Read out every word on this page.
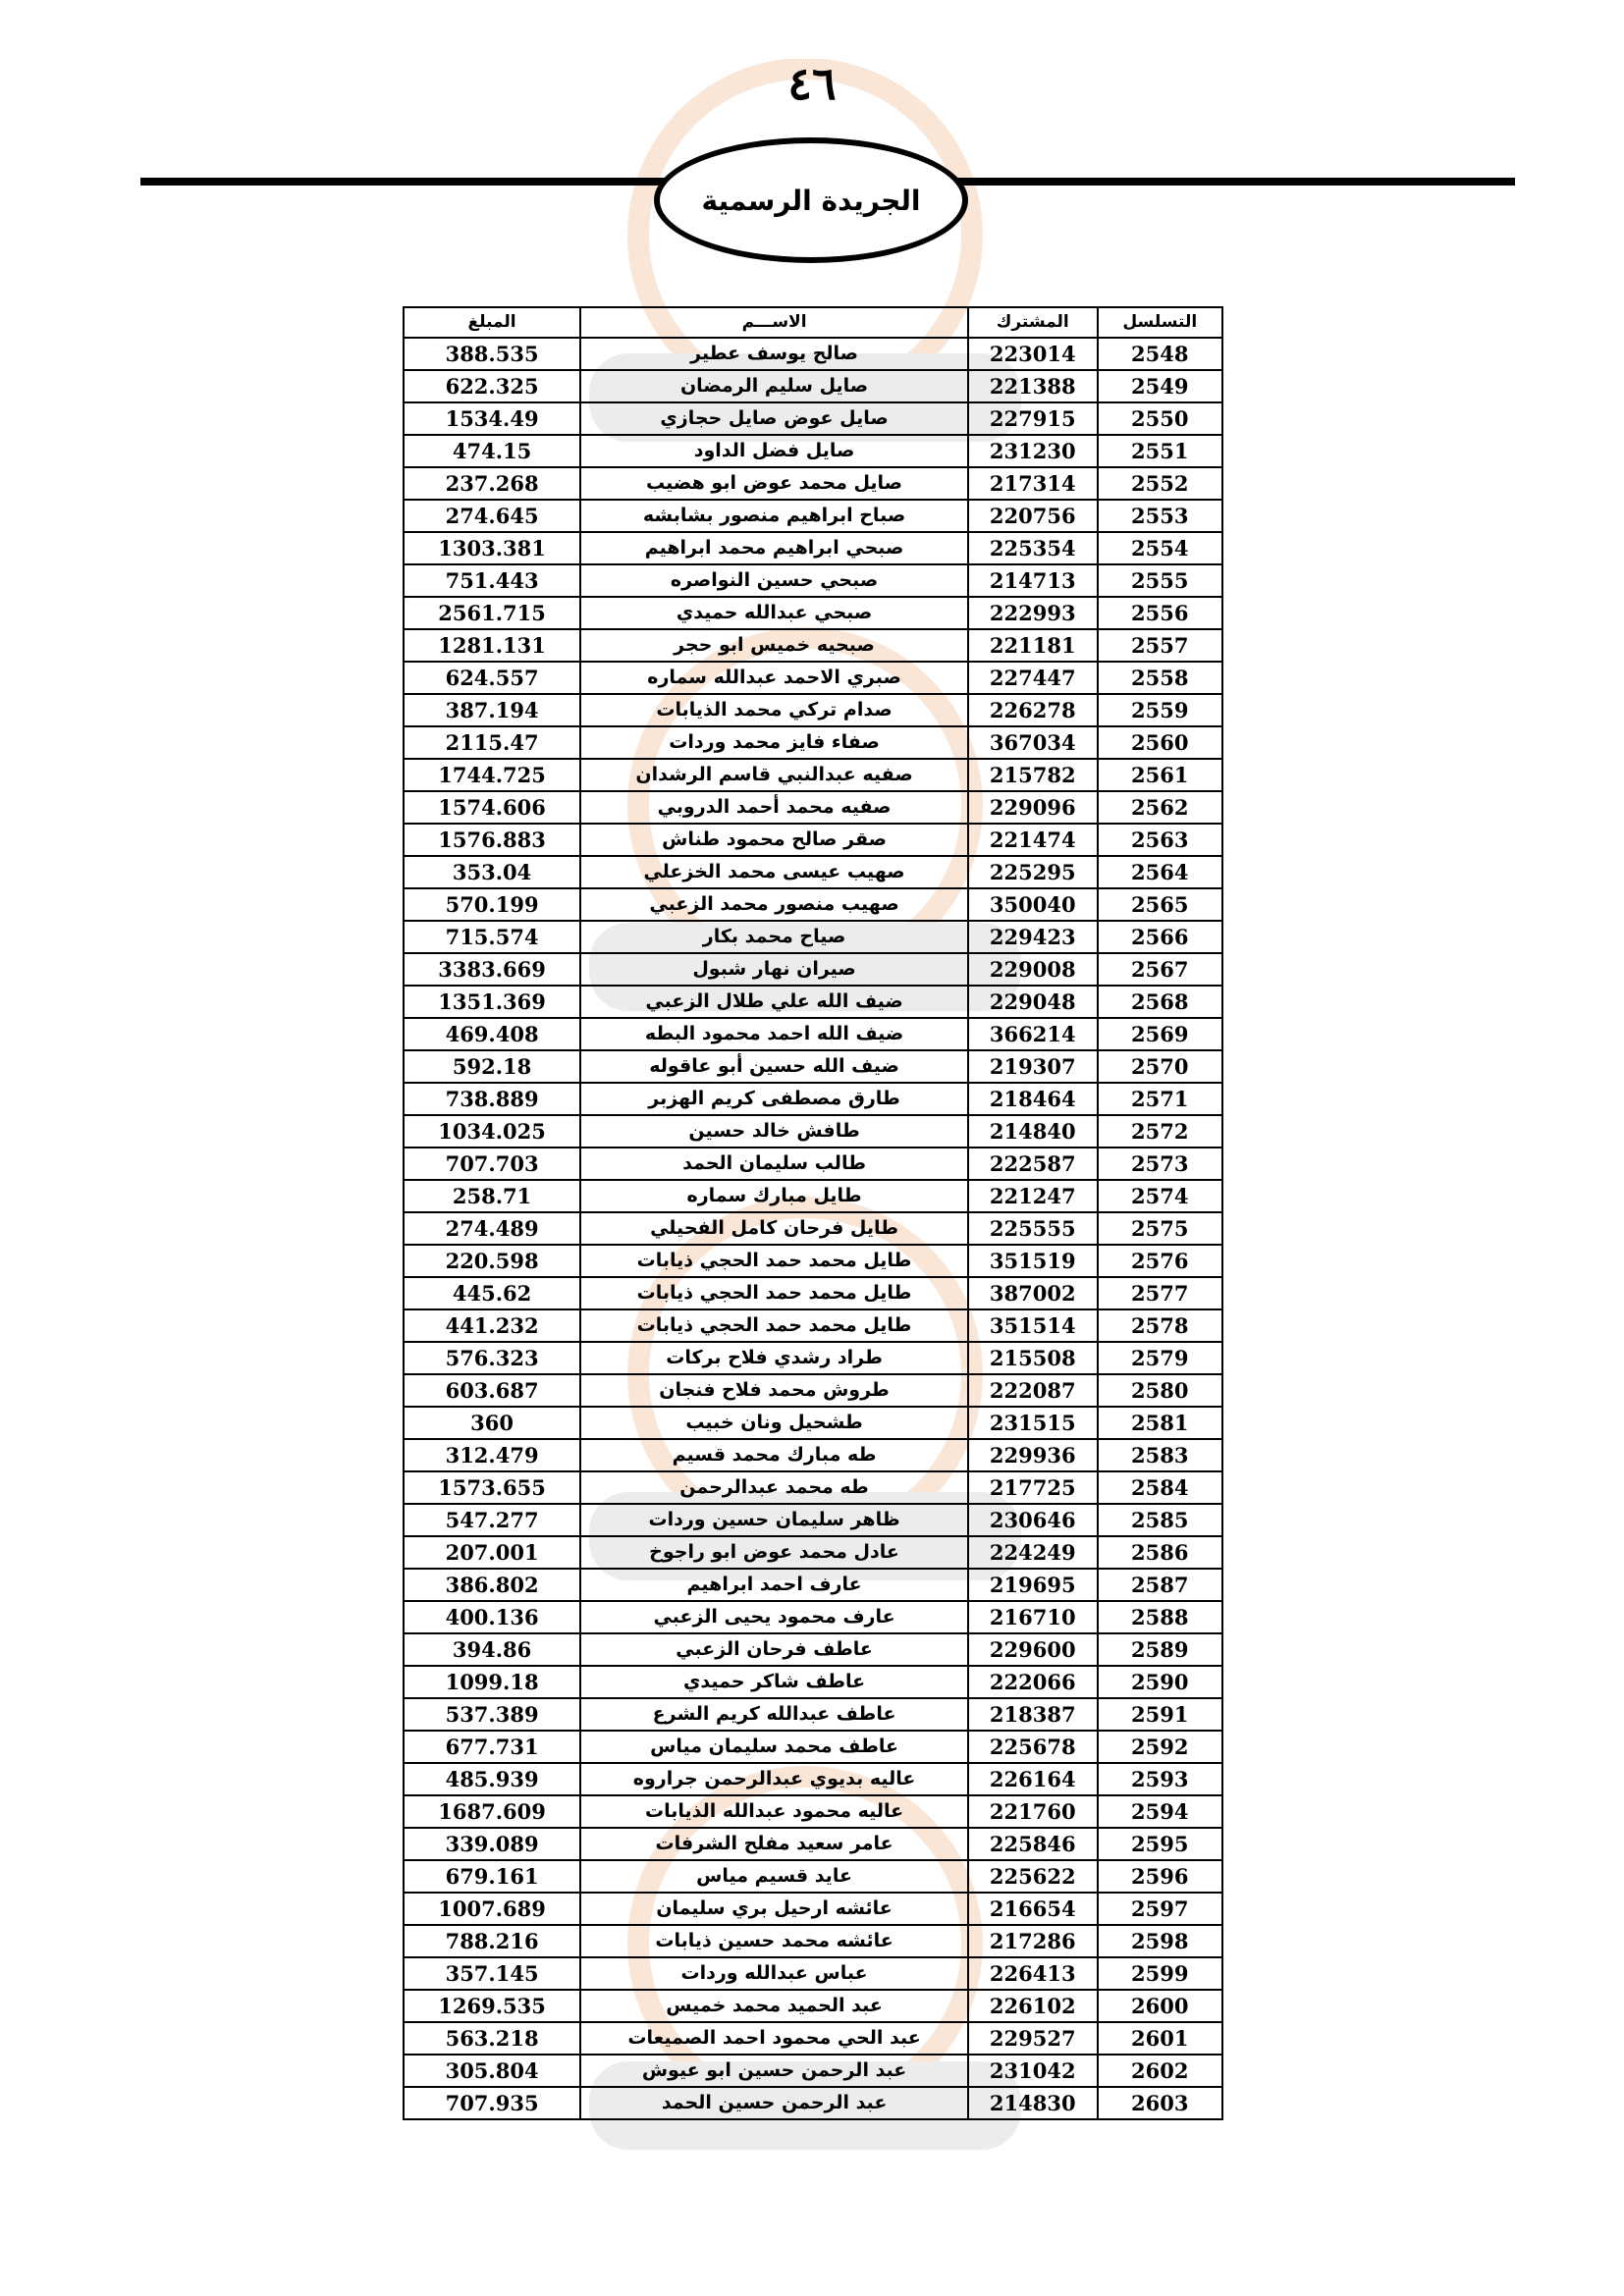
٤٦
الجريدة الرسمية
التسلسل	المشترك	الاســـم	المبلغ
2548	223014	صالح يوسف عطير	388.535
2549	221388	صايل سليم الرمضان	622.325
2550	227915	صايل عوض صايل حجازي	1534.49
2551	231230	صايل فضل الداود	474.15
2552	217314	صايل محمد عوض ابو هضيب	237.268
2553	220756	صباح ابراهيم منصور بشابشه	274.645
2554	225354	صبحي ابراهيم محمد ابراهيم	1303.381
2555	214713	صبحي حسين النواصره	751.443
2556	222993	صبحي عبدالله حميدي	2561.715
2557	221181	صبحيه خميس ابو حجر	1281.131
2558	227447	صبري الاحمد عبدالله سماره	624.557
2559	226278	صدام تركي محمد الذيابات	387.194
2560	367034	صفاء فايز محمد وردات	2115.47
2561	215782	صفيه عبدالنبي قاسم الرشدان	1744.725
2562	229096	صفيه محمد أحمد الدروبي	1574.606
2563	221474	صقر صالح محمود طناش	1576.883
2564	225295	صهيب عيسى محمد الخزعلي	353.04
2565	350040	صهيب منصور محمد الزعبي	570.199
2566	229423	صياح محمد بكار	715.574
2567	229008	صيران نهار شبول	3383.669
2568	229048	ضيف الله علي طلال الزعبي	1351.369
2569	366214	ضيف الله احمد محمود البطه	469.408
2570	219307	ضيف الله حسين أبو عاقوله	592.18
2571	218464	طارق مصطفى كريم الهزبر	738.889
2572	214840	طافش خالد حسين	1034.025
2573	222587	طالب سليمان الحمد	707.703
2574	221247	طايل مبارك سماره	258.71
2575	225555	طايل فرحان كامل الفحيلي	274.489
2576	351519	طايل محمد حمد الحجي ذيابات	220.598
2577	387002	طايل محمد حمد الحجي ذيابات	445.62
2578	351514	طايل محمد حمد الحجي ذيابات	441.232
2579	215508	طراد رشدي فلاح بركات	576.323
2580	222087	طروش محمد فلاح فنجان	603.687
2581	231515	طشحيل ونان خبيب	360
2583	229936	طه مبارك محمد قسيم	312.479
2584	217725	طه محمد عبدالرحمن	1573.655
2585	230646	ظاهر سليمان حسين وردات	547.277
2586	224249	عادل محمد عوض ابو راجوخ	207.001
2587	219695	عارف احمد ابراهيم	386.802
2588	216710	عارف محمود يحيى الزعبي	400.136
2589	229600	عاطف فرحان الزعبي	394.86
2590	222066	عاطف شاكر حميدي	1099.18
2591	218387	عاطف عبدالله كريم الشرع	537.389
2592	225678	عاطف محمد سليمان مياس	677.731
2593	226164	عاليه بديوي عبدالرحمن جراروه	485.939
2594	221760	عاليه محمود عبدالله الذيابات	1687.609
2595	225846	عامر سعيد مفلح الشرفات	339.089
2596	225622	عايد قسيم مياس	679.161
2597	216654	عائشه ارحيل بري سليمان	1007.689
2598	217286	عائشه محمد حسين ذيابات	788.216
2599	226413	عباس عبدالله وردات	357.145
2600	226102	عبد الحميد محمد خميس	1269.535
2601	229527	عبد الحي محمود احمد الصميعات	563.218
2602	231042	عبد الرحمن حسين ابو عيوش	305.804
2603	214830	عبد الرحمن حسين الحمد	707.935
